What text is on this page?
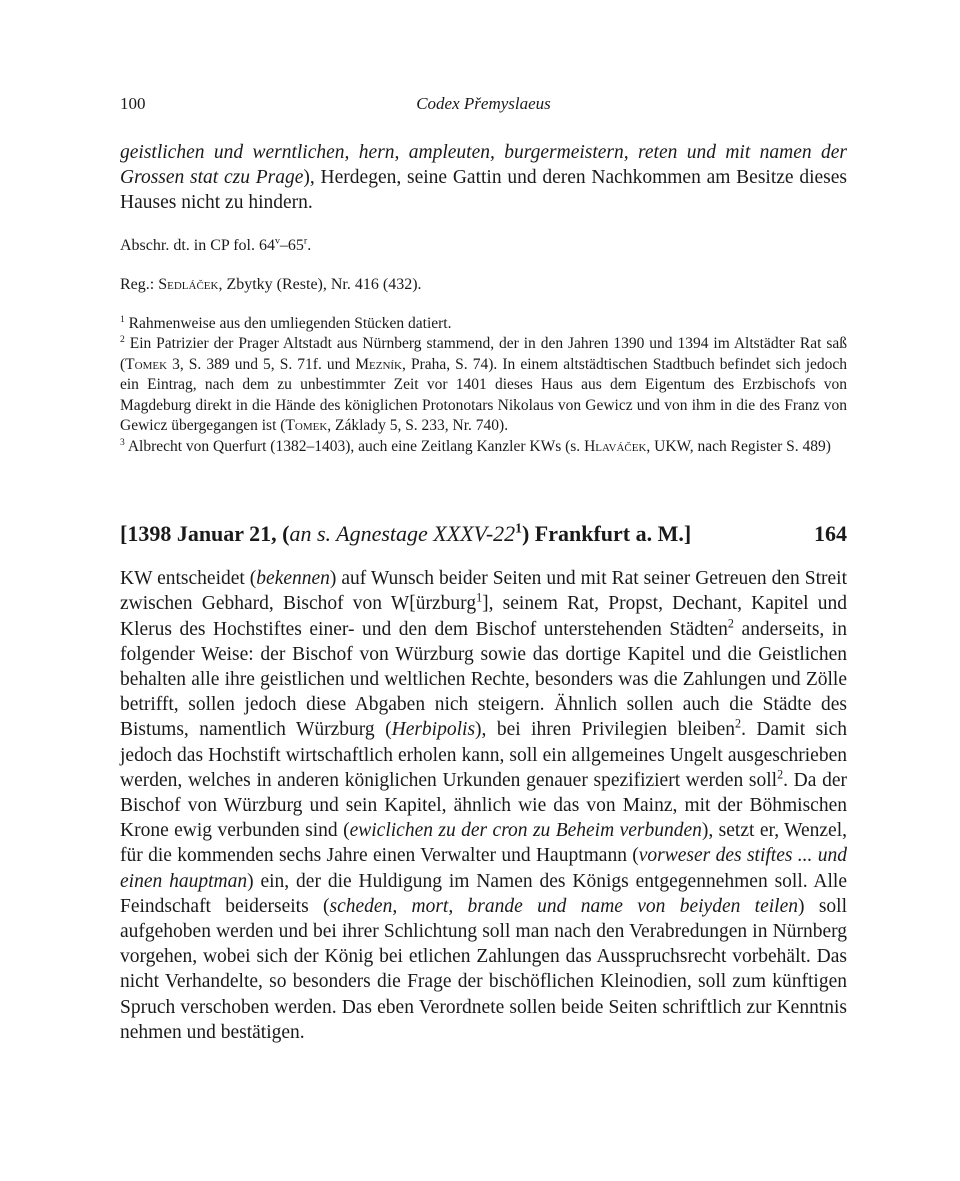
100	Codex Přemyslaeus

geistlichen und werntlichen, hern, ampleuten, burgermeistern, reten und mit namen der Grossen stat czu Prage), Herdegen, seine Gattin und deren Nachkommen am Besitze dieses Hauses nicht zu hindern.

Abschr. dt. in CP fol. 64$^v$–65$^r$.

Reg.: Sedláček, Zbytky (Reste), Nr. 416 (432).

$^1$ Rahmenweise aus den umliegenden Stücken datiert.

$^2$ Ein Patrizier der Prager Altstadt aus Nürnberg stammend, der in den Jahren 1390 und 1394 im Altstädter Rat saß (Tomek 3, S. 389 und 5, S. 71f. und Mezník, Praha, S. 74). In einem altstädtischen Stadtbuch befindet sich jedoch ein Eintrag, nach dem zu unbestimmter Zeit vor 1401 dieses Haus aus dem Eigentum des Erzbischofs von Magdeburg direkt in die Hände des königlichen Protonotars Nikolaus von Gewicz und von ihm in die des Franz von Gewicz übergegangen ist (Tomek, Základy 5, S. 233, Nr. 740).

$^3$ Albrecht von Querfurt (1382–1403), auch eine Zeitlang Kanzler KWs (s. Hlaváček, UKW, nach Register S. 489)

[1398 Januar 21, (an s. Agnestage XXXV-$22^1$) Frankfurt a. M.]	164

KW entscheidet (bekennen) auf Wunsch beider Seiten und mit Rat seiner Getreuen den Streit zwischen Gebhard, Bischof von W[ürzburg$^1$], seinem Rat, Propst, Dechant, Kapitel und Klerus des Hochstiftes einer- und den dem Bischof unterstehenden Städten$^2$ anderseits, in folgender Weise: der Bischof von Würzburg sowie das dortige Kapitel und die Geistlichen behalten alle ihre geistlichen und weltlichen Rechte, besonders was die Zahlungen und Zölle betrifft, sollen jedoch diese Abgaben nich steigern. Ähnlich sollen auch die Städte des Bistums, namentlich Würzburg (Herbipolis), bei ihren Privilegien bleiben$^2$. Damit sich jedoch das Hochstift wirtschaftlich erholen kann, soll ein allgemeines Ungelt ausgeschrieben werden, welches in anderen königlichen Urkunden genauer spezifiziert werden soll$^2$. Da der Bischof von Würzburg und sein Kapitel, ähnlich wie das von Mainz, mit der Böhmischen Krone ewig verbunden sind (ewiclichen zu der cron zu Beheim verbunden), setzt er, Wenzel, für die kommenden sechs Jahre einen Verwalter und Hauptmann (vorweser des stiftes ... und einen hauptman) ein, der die Huldigung im Namen des Königs entgegennehmen soll. Alle Feindschaft beiderseits (scheden, mort, brande und name von beiyden teilen) soll aufgehoben werden und bei ihrer Schlichtung soll man nach den Verabredungen in Nürnberg vorgehen, wobei sich der König bei etlichen Zahlungen das Ausspruchsrecht vorbehält. Das nicht Verhandelte, so besonders die Frage der bischöflichen Kleinodien, soll zum künftigen Spruch verschoben werden. Das eben Verordnete sollen beide Seiten schriftlich zur Kenntnis nehmen und bestätigen.
